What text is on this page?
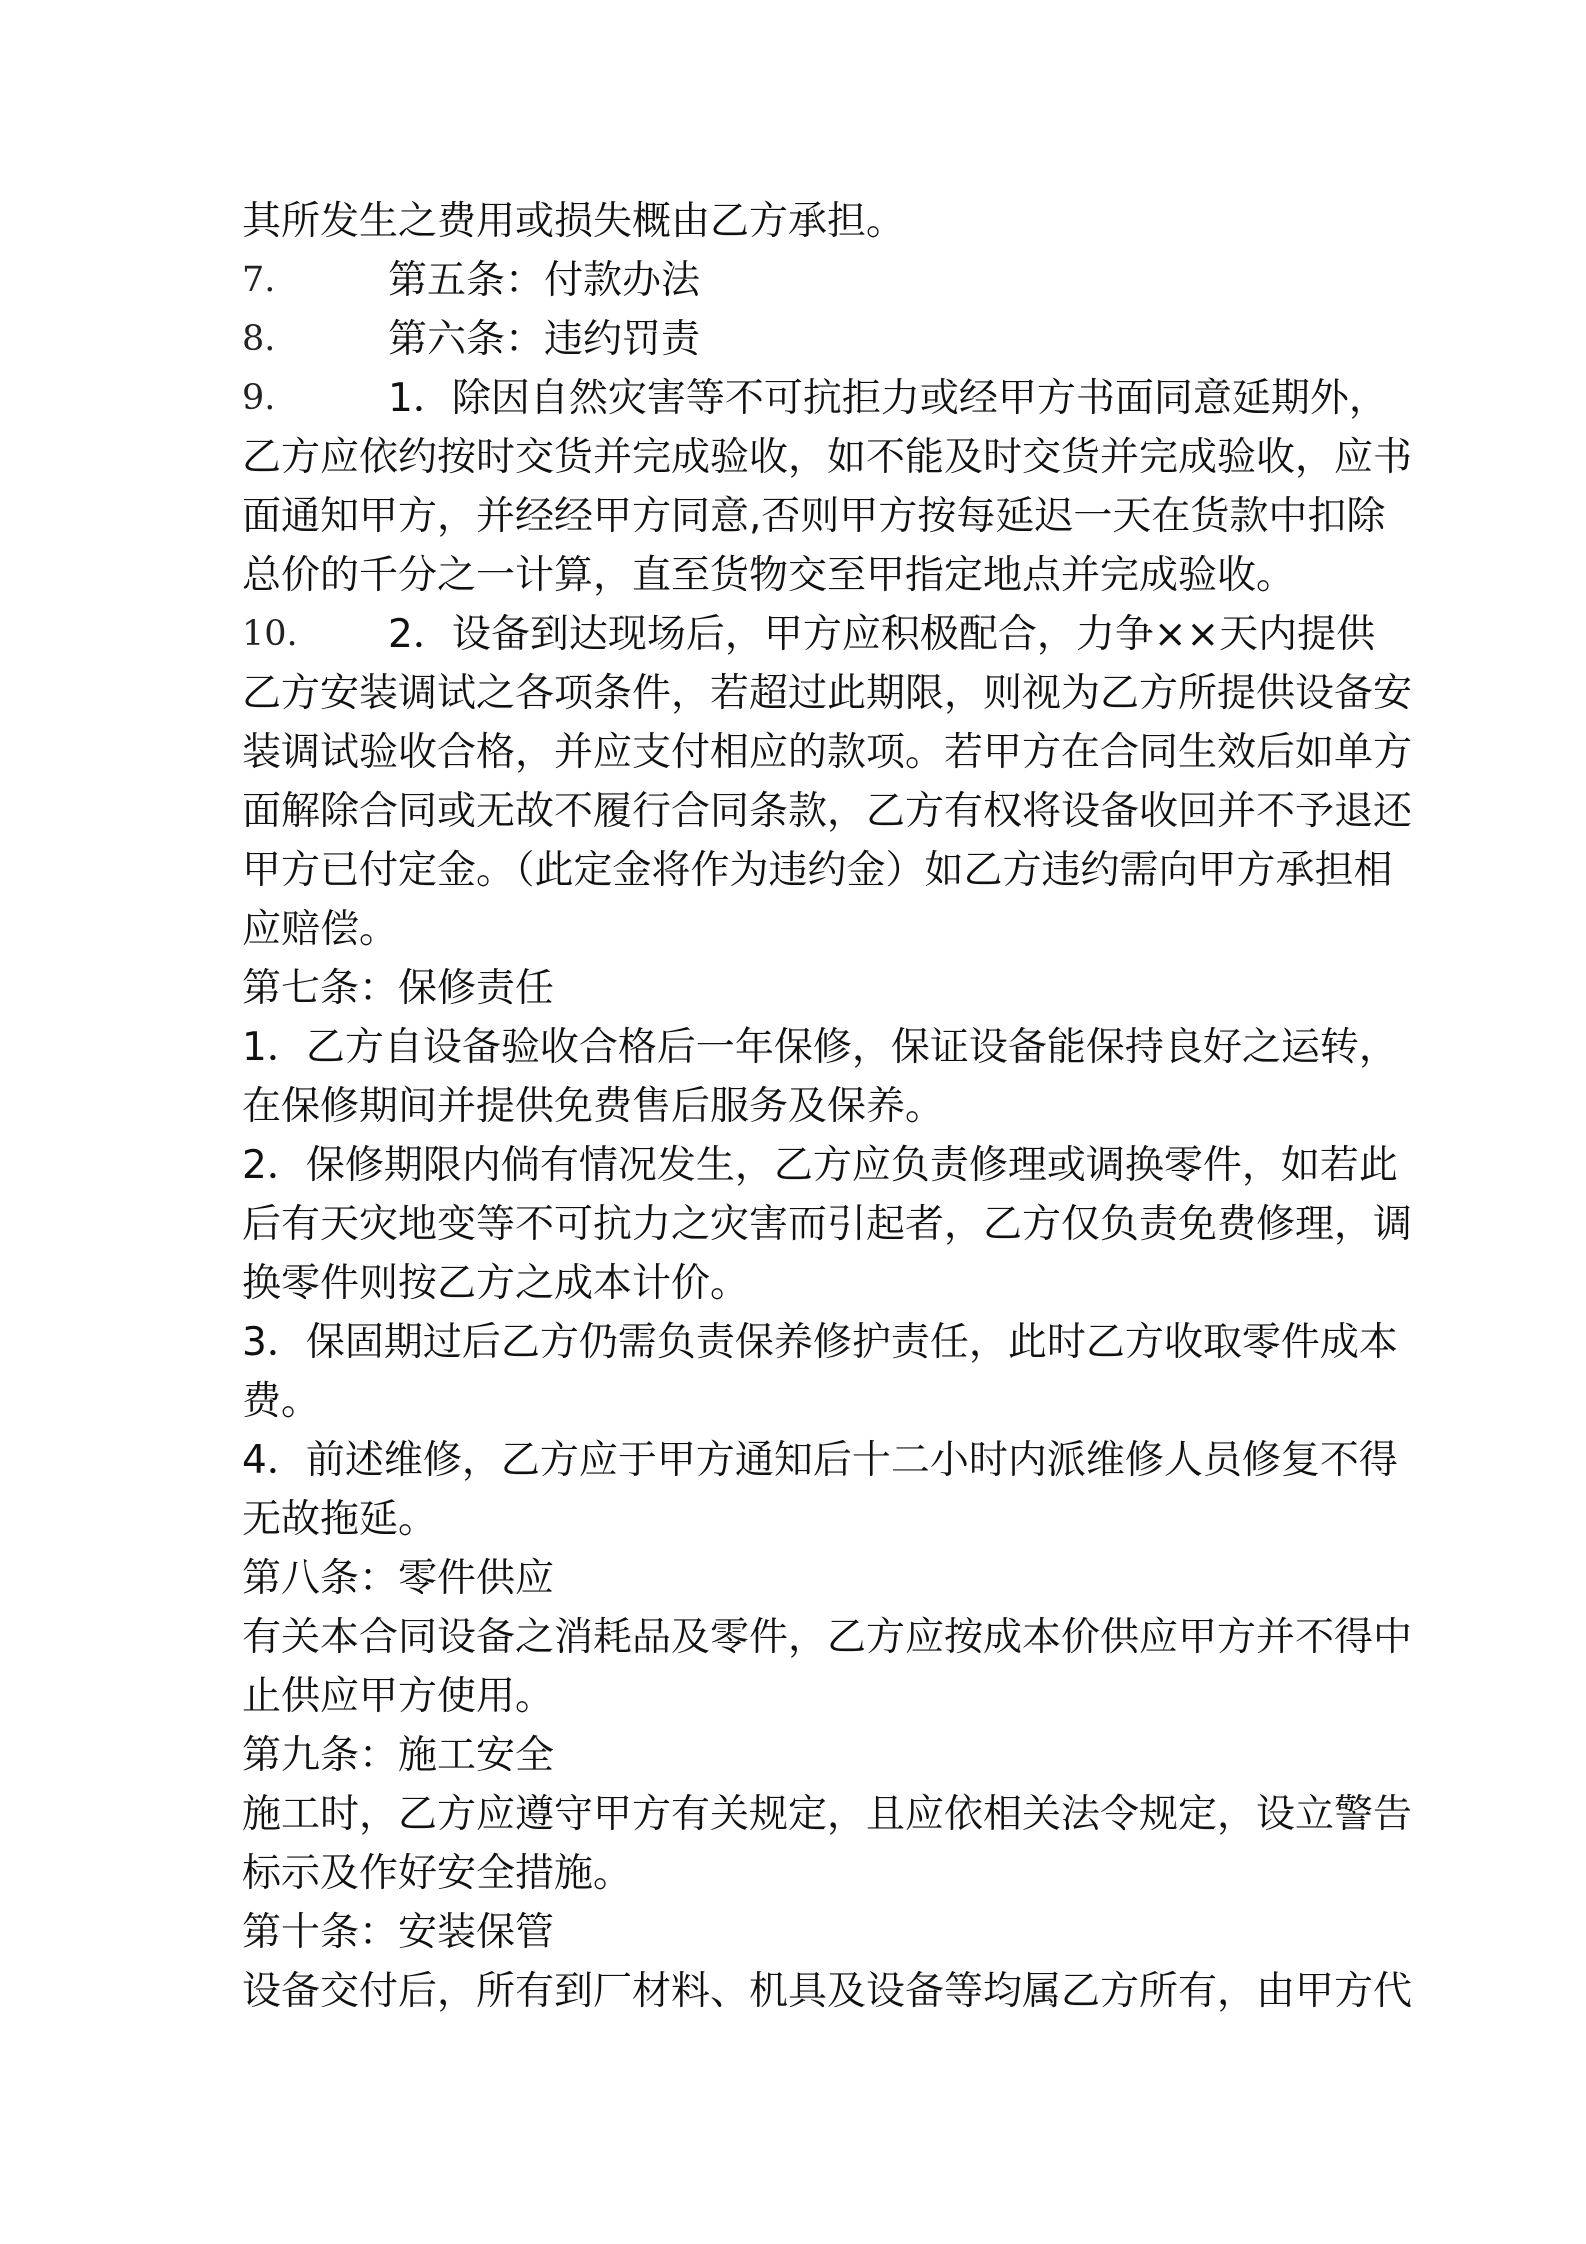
其所发生之费用或损失概由乙方承担。
7.	第五条：付款办法
8.	第六条：违约罚责
9.	1．除因自然灾害等不可抗拒力或经甲方书面同意延期外，
乙方应依约按时交货并完成验收，如不能及时交货并完成验收，应书
面通知甲方，并经经甲方同意,否则甲方按每延迟一天在货款中扣除
总价的千分之一计算，直至货物交至甲指定地点并完成验收。
10. 2．设备到达现场后，甲方应积极配合，力争××天内提供
乙方安装调试之各项条件，若超过此期限，则视为乙方所提供设备安
装调试验收合格，并应支付相应的款项。若甲方在合同生效后如单方
面解除合同或无故不履行合同条款，乙方有权将设备收回并不予退还
甲方已付定金。（此定金将作为违约金）如乙方违约需向甲方承担相
应赔偿。
第七条：保修责任
1．乙方自设备验收合格后一年保修，保证设备能保持良好之运转，
在保修期间并提供免费售后服务及保养。
2．保修期限内倘有情况发生，乙方应负责修理或调换零件，如若此
后有天灾地变等不可抗力之灾害而引起者，乙方仅负责免费修理，调
换零件则按乙方之成本计价。
3．保固期过后乙方仍需负责保养修护责任，此时乙方收取零件成本
费。
4．前述维修，乙方应于甲方通知后十二小时内派维修人员修复不得
无故拖延。
第八条：零件供应
有关本合同设备之消耗品及零件，乙方应按成本价供应甲方并不得中
止供应甲方使用。
第九条：施工安全
施工时，乙方应遵守甲方有关规定，且应依相关法令规定，设立警告
标示及作好安全措施。
第十条：安装保管
设备交付后，所有到厂材料、机具及设备等均属乙方所有，由甲方代
